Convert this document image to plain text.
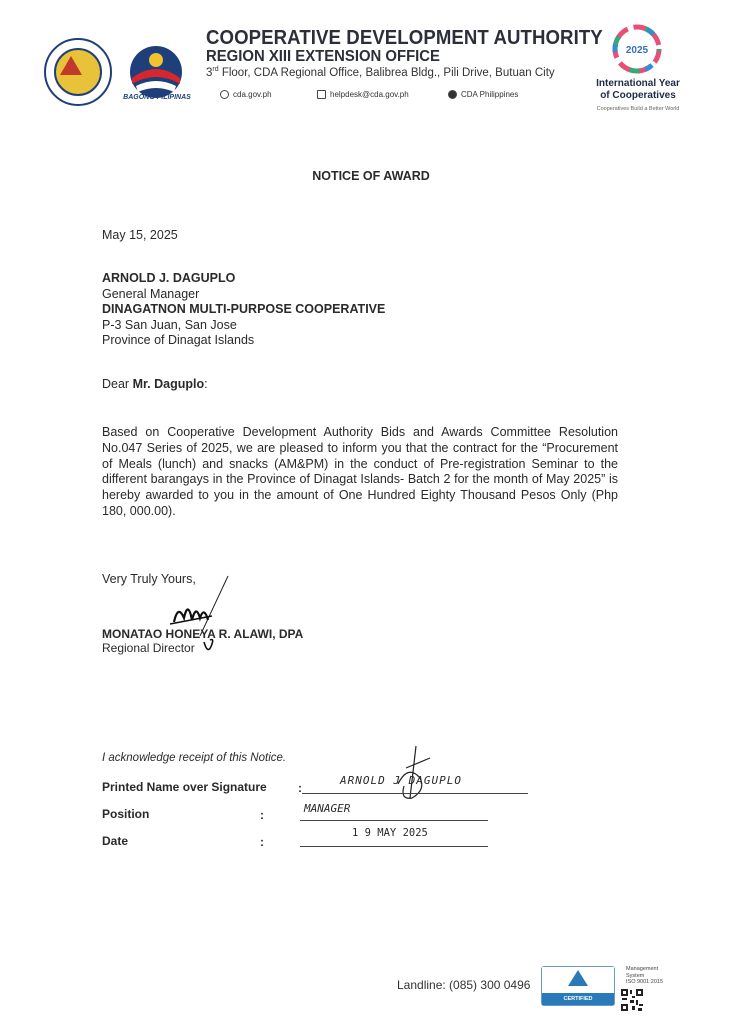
BAGONG PILIPINAS
COOPERATIVE DEVELOPMENT AUTHORITY
REGION XIII EXTENSION OFFICE
3rd Floor, CDA Regional Office, Balibrea Bldg., Pili Drive, Butuan City
cda.gov.ph	helpdesk@cda.gov.ph	CDA Philippines
2025
International Year
of Cooperatives
Cooperatives Build a Better World
NOTICE OF AWARD
May 15, 2025
ARNOLD J. DAGUPLO
General Manager
DINAGATNON MULTI-PURPOSE COOPERATIVE
P-3 San Juan, San Jose
Province of Dinagat Islands
Dear Mr. Daguplo:
Based on Cooperative Development Authority Bids and Awards Committee Resolution No.047 Series of 2025, we are pleased to inform you that the contract for the “Procurement of Meals (lunch) and snacks (AM&PM) in the conduct of Pre-registration Seminar to the different barangays in the Province of Dinagat Islands- Batch 2 for the month of May 2025” is hereby awarded to you in the amount of One Hundred Eighty Thousand Pesos Only (Php 180, 000.00).
Very Truly Yours,
MONATAO HONEYA R. ALAWI, DPA
Regional Director
I acknowledge receipt of this Notice.
Printed Name over Signature	:
ARNOLD J DAGUPLO
Position	:	MANAGER
Date	:
1 9 MAY 2025
Landline: (085) 300 0496
CERTIFIED
Management
System
ISO 9001:2015
